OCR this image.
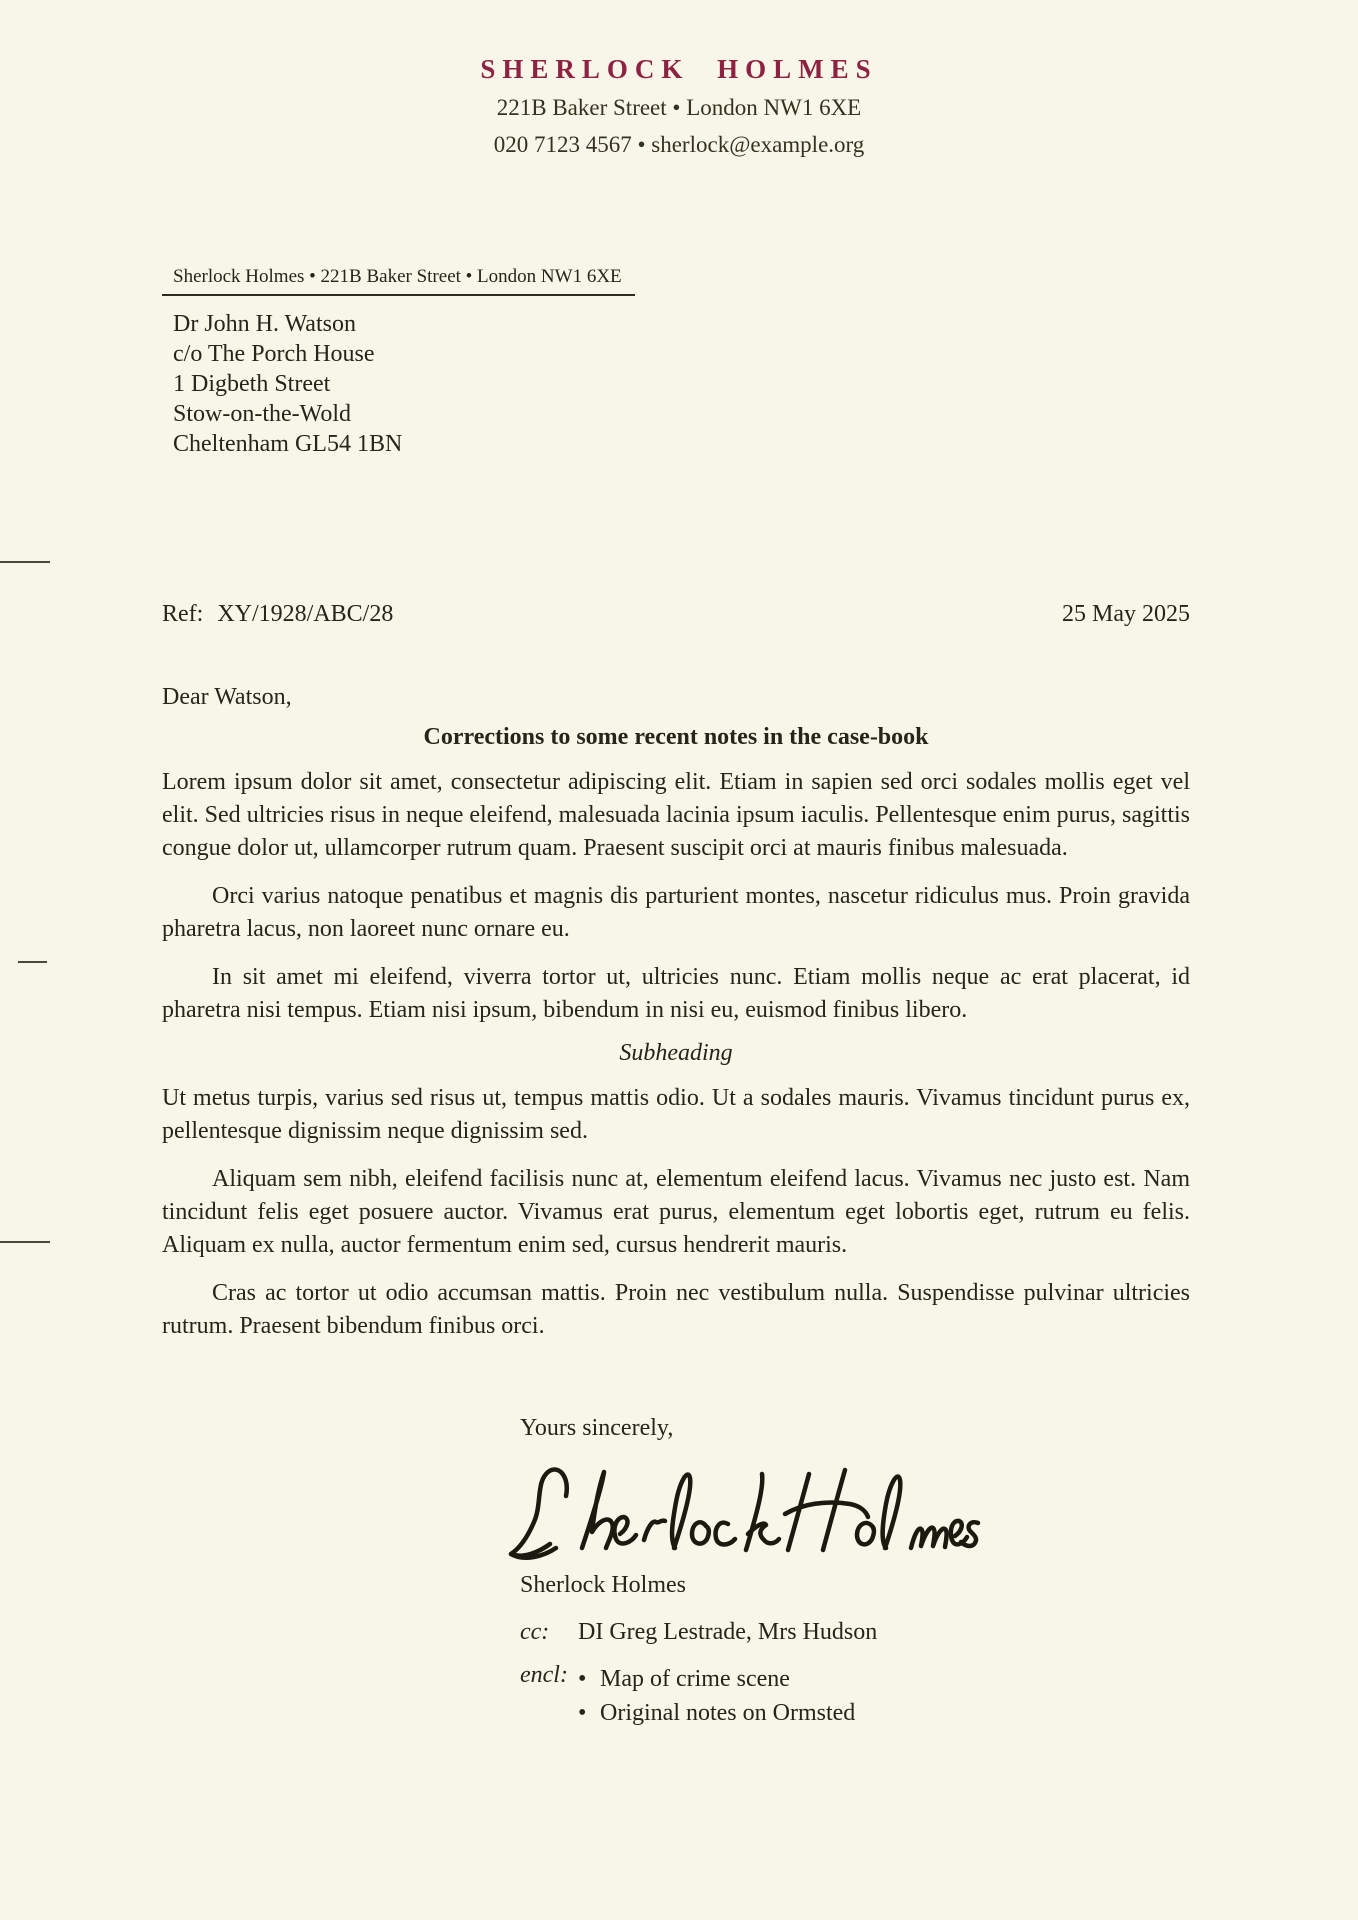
SHERLOCK HOLMES
221B Baker Street • London NW1 6XE
020 7123 4567 • sherlock@example.org
Sherlock Holmes • 221B Baker Street • London NW1 6XE
Dr John H. Watson
c/o The Porch House
1 Digbeth Street
Stow-on-the-Wold
Cheltenham GL54 1BN
Ref: XY/1928/ABC/28	25 May 2025
Dear Watson,
Corrections to some recent notes in the case-book

Lorem ipsum dolor sit amet, consectetur adipiscing elit. Etiam in sapien sed orci sodales mollis eget vel elit. Sed ultricies risus in neque eleifend, malesuada lacinia ipsum iaculis. Pellentesque enim purus, sagittis congue dolor ut, ullamcorper rutrum quam. Praesent suscipit orci at mauris finibus malesuada.

Orci varius natoque penatibus et magnis dis parturient montes, nascetur ridiculus mus. Proin gravida pharetra lacus, non laoreet nunc ornare eu.

In sit amet mi eleifend, viverra tortor ut, ultricies nunc. Etiam mollis neque ac erat placerat, id pharetra nisi tempus. Etiam nisi ipsum, bibendum in nisi eu, euismod finibus libero.

Subheading

Ut metus turpis, varius sed risus ut, tempus mattis odio. Ut a sodales mauris. Vivamus tincidunt purus ex, pellentesque dignissim neque dignissim sed.

Aliquam sem nibh, eleifend facilisis nunc at, elementum eleifend lacus. Vivamus nec justo est. Nam tincidunt felis eget posuere auctor. Vivamus erat purus, elementum eget lobortis eget, rutrum eu felis. Aliquam ex nulla, auctor fermentum enim sed, cursus hendrerit mauris.

Cras ac tortor ut odio accumsan mattis. Proin nec vestibulum nulla. Suspendisse pulvinar ultricies rutrum. Praesent bibendum finibus orci.

Yours sincerely,
Sherlock Holmes
cc:	DI Greg Lestrade, Mrs Hudson
encl:	• Map of crime scene
• Original notes on Ormsted
